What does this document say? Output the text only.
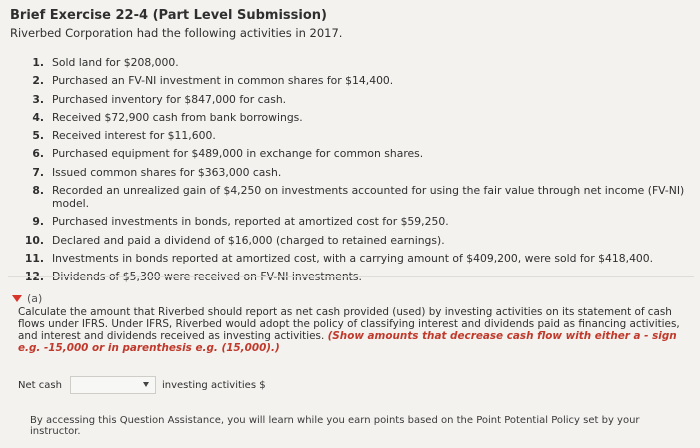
Brief Exercise 22-4 (Part Level Submission)
Riverbed Corporation had the following activities in 2017.
1. Sold land for $208,000.
2. Purchased an FV-NI investment in common shares for $14,400.
3. Purchased inventory for $847,000 for cash.
4. Received $72,900 cash from bank borrowings.
5. Received interest for $11,600.
6. Purchased equipment for $489,000 in exchange for common shares.
7. Issued common shares for $363,000 cash.
8. Recorded an unrealized gain of $4,250 on investments accounted for using the fair value through net income (FV-NI) model.
9. Purchased investments in bonds, reported at amortized cost for $59,250.
10. Declared and paid a dividend of $16,000 (charged to retained earnings).
11. Investments in bonds reported at amortized cost, with a carrying amount of $409,200, were sold for $418,400.
12. Dividends of $5,300 were received on FV-NI investments.
(a)
Calculate the amount that Riverbed should report as net cash provided (used) by investing activities on its statement of cash flows under IFRS. Under IFRS, Riverbed would adopt the policy of classifying interest and dividends paid as financing activities, and interest and dividends received as investing activities. (Show amounts that decrease cash flow with either a - sign e.g. -15,000 or in parenthesis e.g. (15,000).)
Net cash	investing activities $
By accessing this Question Assistance, you will learn while you earn points based on the Point Potential Policy set by your instructor.
